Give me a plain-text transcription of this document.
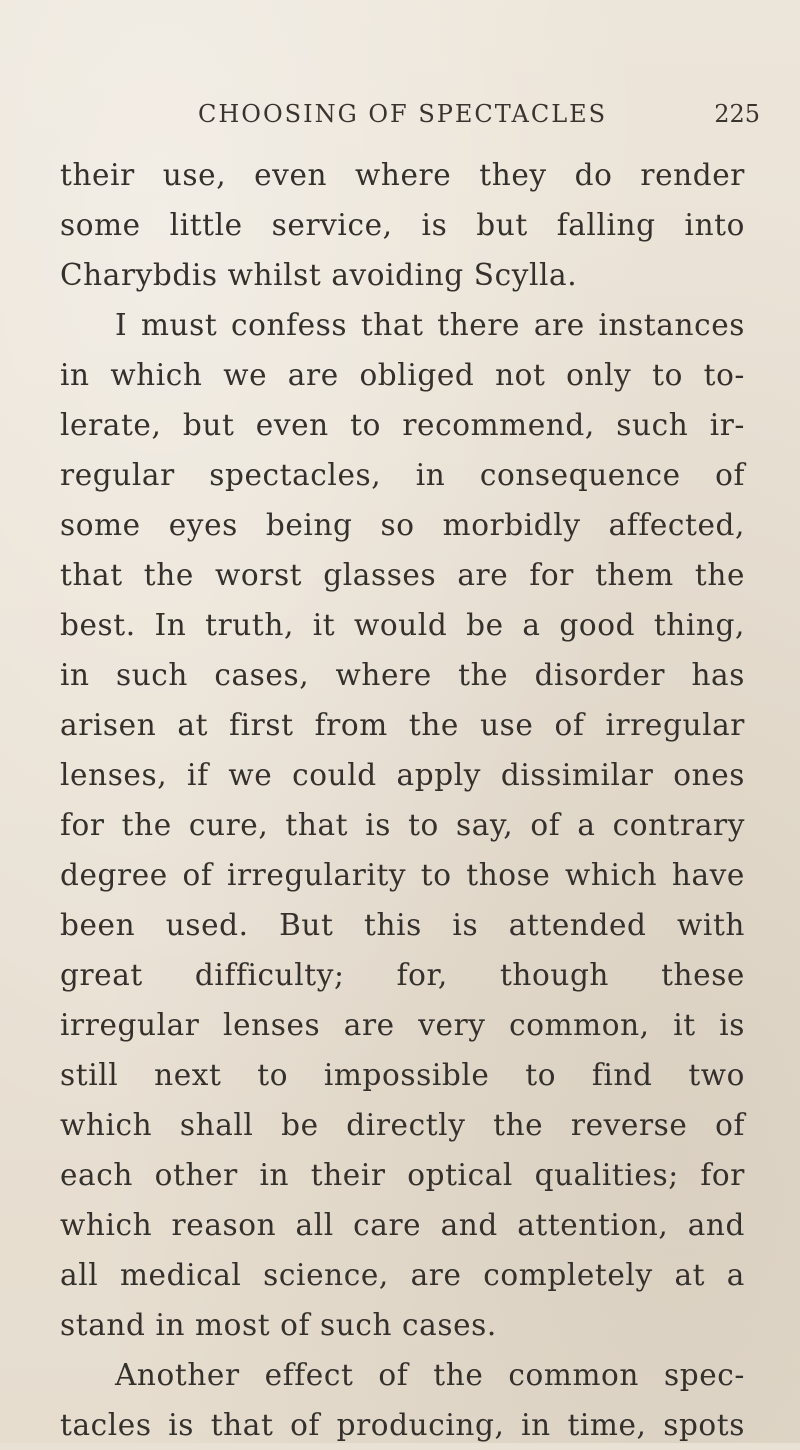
CHOOSING OF SPECTACLES	225
their use, even where they do render
some little service, is but falling into
Charybdis whilst avoiding Scylla.
I must confess that there are instances
in which we are obliged not only to to-
lerate, but even to recommend, such ir-
regular spectacles, in consequence of
some eyes being so morbidly affected,
that the worst glasses are for them the
best. In truth, it would be a good thing,
in such cases, where the disorder has
arisen at first from the use of irregular
lenses, if we could apply dissimilar ones
for the cure, that is to say, of a contrary
degree of irregularity to those which have
been used. But this is attended with
great difficulty; for, though these
irregular lenses are very common, it is
still next to impossible to find two
which shall be directly the reverse of
each other in their optical qualities; for
which reason all care and attention, and
all medical science, are completely at a
stand in most of such cases.
Another effect of the common spec-
tacles is that of producing, in time, spots
